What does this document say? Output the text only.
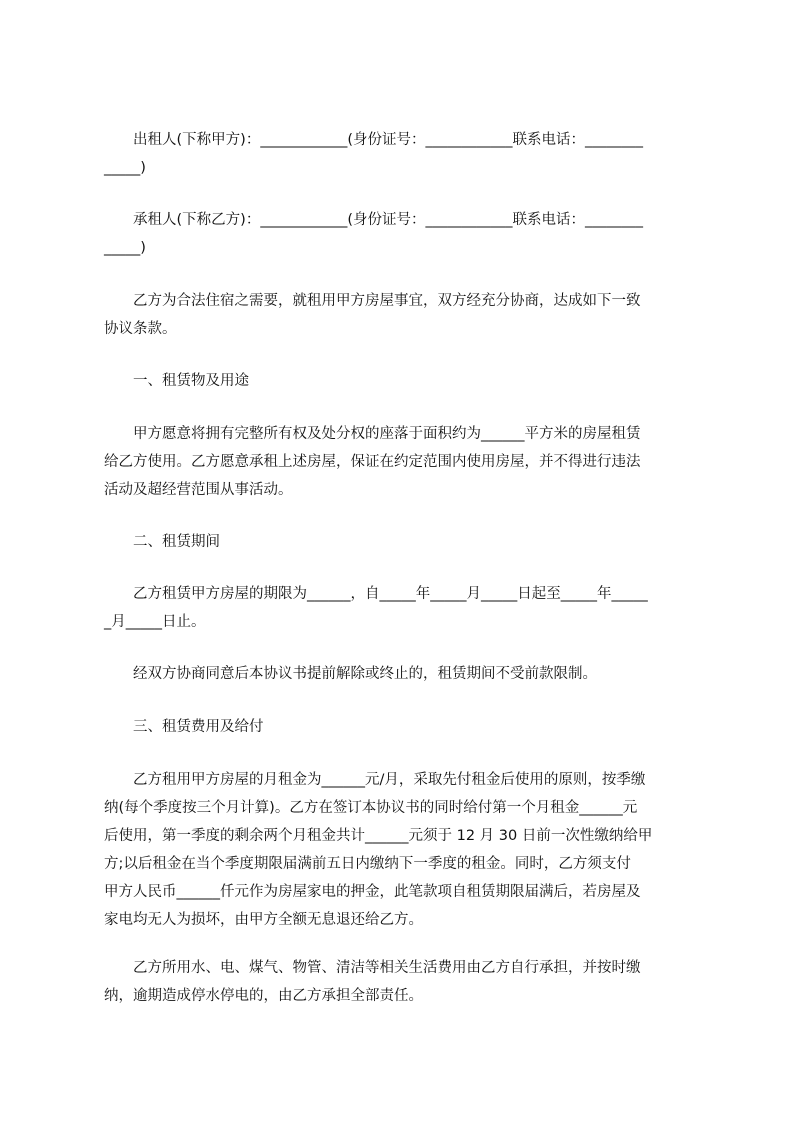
　　出租人(下称甲方)：____________(身份证号：____________联系电话：________
_____)

　　承租人(下称乙方)：____________(身份证号：____________联系电话：________
_____)

　　乙方为合法住宿之需要，就租用甲方房屋事宜，双方经充分协商，达成如下一致
协议条款。

　　一、租赁物及用途

　　甲方愿意将拥有完整所有权及处分权的座落于面积约为______平方米的房屋租赁
给乙方使用。乙方愿意承租上述房屋，保证在约定范围内使用房屋，并不得进行违法
活动及超经营范围从事活动。

　　二、租赁期间

　　乙方租赁甲方房屋的期限为______，自_____年_____月_____日起至_____年_____
_月_____日止。

　　经双方协商同意后本协议书提前解除或终止的，租赁期间不受前款限制。

　　三、租赁费用及给付

　　乙方租用甲方房屋的月租金为______元/月，采取先付租金后使用的原则，按季缴
纳(每个季度按三个月计算)。乙方在签订本协议书的同时给付第一个月租金______元
后使用，第一季度的剩余两个月租金共计______元须于 12 月 30 日前一次性缴纳给甲
方;以后租金在当个季度期限届满前五日内缴纳下一季度的租金。同时，乙方须支付
甲方人民币______仟元作为房屋家电的押金，此笔款项自租赁期限届满后，若房屋及
家电均无人为损坏，由甲方全额无息退还给乙方。

　　乙方所用水、电、煤气、物管、清洁等相关生活费用由乙方自行承担，并按时缴
纳，逾期造成停水停电的，由乙方承担全部责任。
